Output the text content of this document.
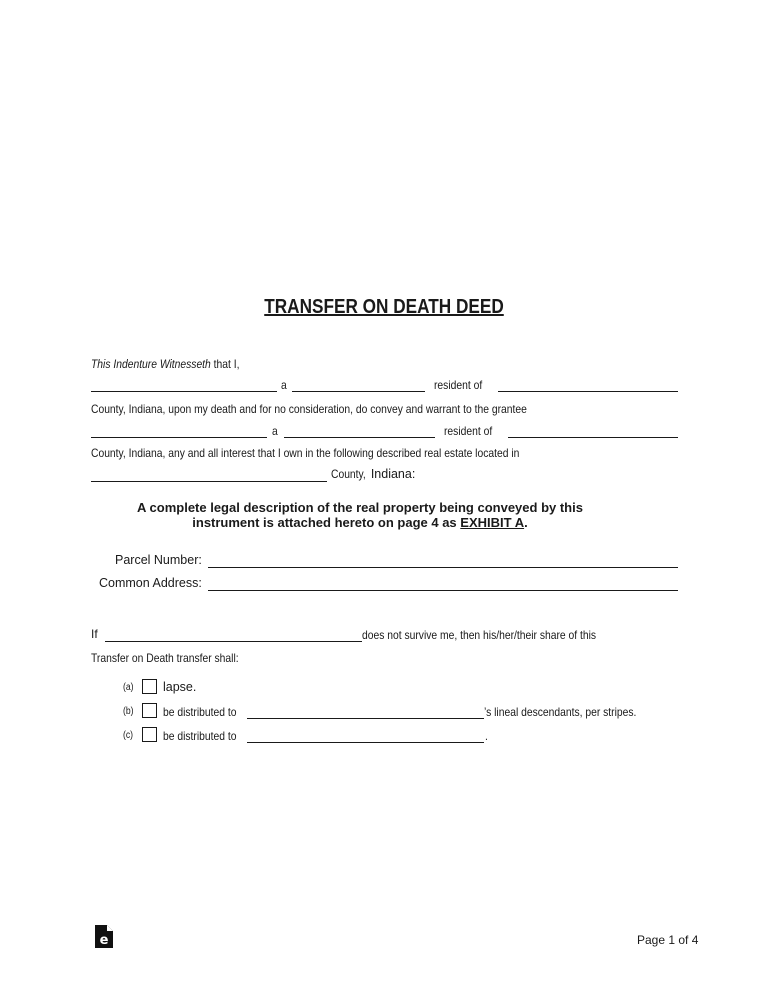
TRANSFER ON DEATH DEED
This Indenture Witnesseth that I,
a	resident of
County, Indiana, upon my death and for no consideration, do convey and warrant to the grantee
a	resident of
County, Indiana, any and all interest that I own in the following described real estate located in
County, Indiana:
A complete legal description of the real property being conveyed by this
instrument is attached hereto on page 4 as EXHIBIT A.
Parcel Number:
Common Address:
If	does not survive me, then his/her/their share of this
Transfer on Death transfer shall:
(a) lapse.
(b) be distributed to	’s lineal descendants, per stripes.
(c) be distributed to	.
e	Page 1 of 4
